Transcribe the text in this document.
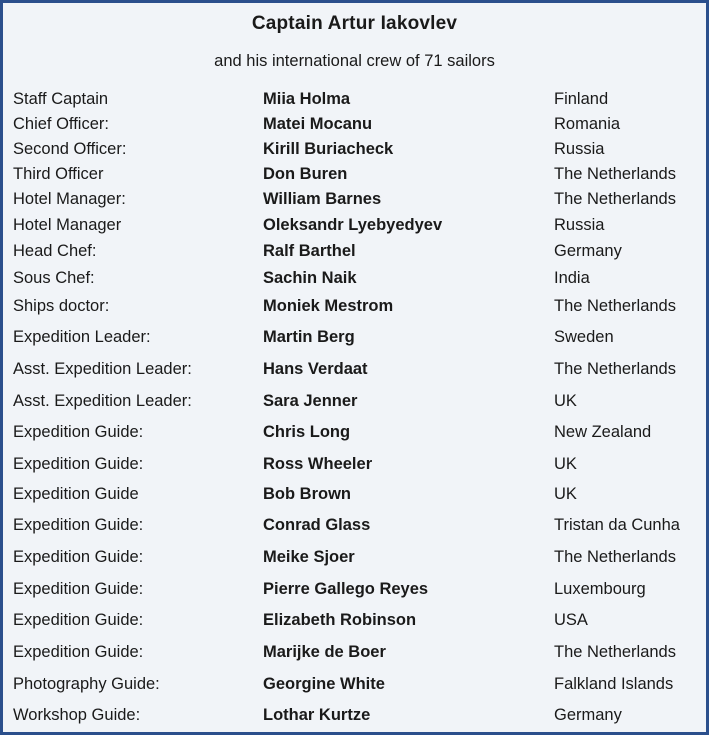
Captain Artur Iakovlev
and his international crew of 71 sailors
Staff Captain	Miia Holma	Finland
Chief Officer:	Matei Mocanu	Romania
Second Officer:	Kirill Buriacheck	Russia
Third Officer	Don Buren	The Netherlands
Hotel Manager:	William Barnes	The Netherlands
Hotel Manager	Oleksandr Lyebyedyev	Russia
Head Chef:	Ralf Barthel	Germany
Sous Chef:	Sachin Naik	India
Ships doctor:	Moniek Mestrom	The Netherlands
Expedition Leader:	Martin Berg	Sweden
Asst. Expedition Leader:	Hans Verdaat	The Netherlands
Asst. Expedition Leader:	Sara Jenner	UK
Expedition Guide:	Chris Long	New Zealand
Expedition Guide:	Ross Wheeler	UK
Expedition Guide	Bob Brown	UK
Expedition Guide:	Conrad Glass	Tristan da Cunha
Expedition Guide:	Meike Sjoer	The Netherlands
Expedition Guide:	Pierre Gallego Reyes	Luxembourg
Expedition Guide:	Elizabeth Robinson	USA
Expedition Guide:	Marijke de Boer	The Netherlands
Photography Guide:	Georgine White	Falkland Islands
Workshop Guide:	Lothar Kurtze	Germany
